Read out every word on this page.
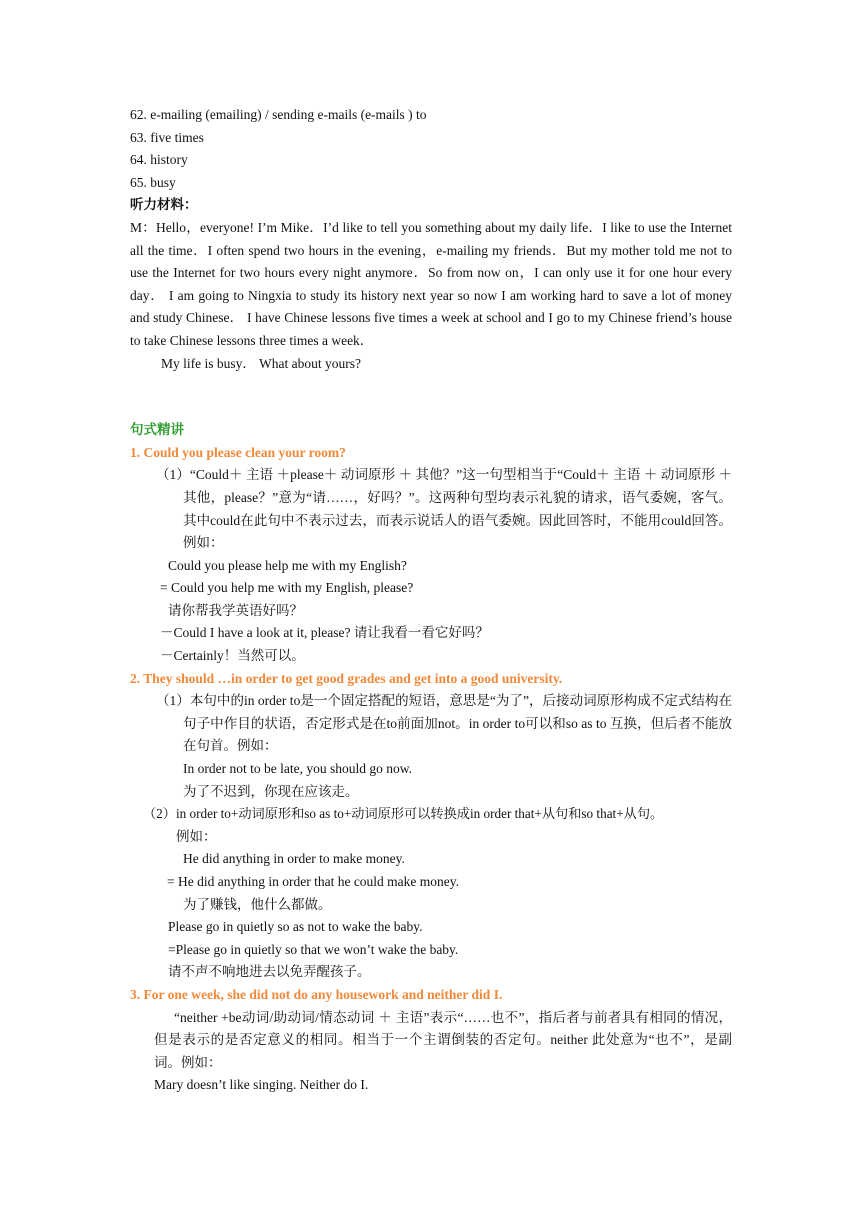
62. e-mailing (emailing) / sending e-mails (e-mails ) to
63. five times
64. history
65. busy
听力材料：
M：Hello，everyone! I’m Mike．I’d like to tell you something about my daily life．I like to use the Internet all the time．I often spend two hours in the evening，e-mailing my friends．But my mother told me not to use the Internet for two hours every night anymore．So from now on，I can only use it for one hour every day． I am going to Ningxia to study its history next year so now I am working hard to save a lot of money and study Chinese． I have Chinese lessons five times a week at school and I go to my Chinese friend’s house to take Chinese lessons three times a week．
My life is busy． What about yours?
句式精讲
1. Could you please clean your room?
（1）“Could＋ 主语 ＋please＋ 动词原形 ＋ 其他？”这一句型相当于“Could＋ 主语 ＋ 动词原形 ＋ 其他，please？”意为“请……，好吗？”。这两种句型均表示礼貌的请求，语气委婉，客气。其中could在此句中不表示过去，而表示说话人的语气委婉。因此回答时，不能用could回答。例如：
Could you please help me with my English?
= Could you help me with my English, please?
请你帮我学英语好吗？
－Could I have a look at it, please? 请让我看一看它好吗？
－Certainly！当然可以。
2. They should …in order to get good grades and get into a good university.
（1）本句中的in order to是一个固定搭配的短语，意思是“为了”，后接动词原形构成不定式结构在句子中作目的状语，否定形式是在to前面加not。in order to可以和so as to 互换，但后者不能放在句首。例如：
In order not to be late, you should go now.
为了不迟到，你现在应该走。
（2）in order to+动词原形和so as to+动词原形可以转换成in order that+从句和so that+从句。
例如：
He did anything in order to make money.
= He did anything in order that he could make money.
为了赚钱，他什么都做。
Please go in quietly so as not to wake the baby.
=Please go in quietly so that we won’t wake the baby.
请不声不响地进去以免弄醒孩子。
3. For one week, she did not do any housework and neither did I.
“neither +be动词/助动词/情态动词 ＋ 主语”表示“……也不”，指后者与前者具有相同的情况，但是表示的是否定意义的相同。相当于一个主谓倒装的否定句。neither 此处意为“也不”，是副词。例如：
Mary doesn’t like singing. Neither do I.
